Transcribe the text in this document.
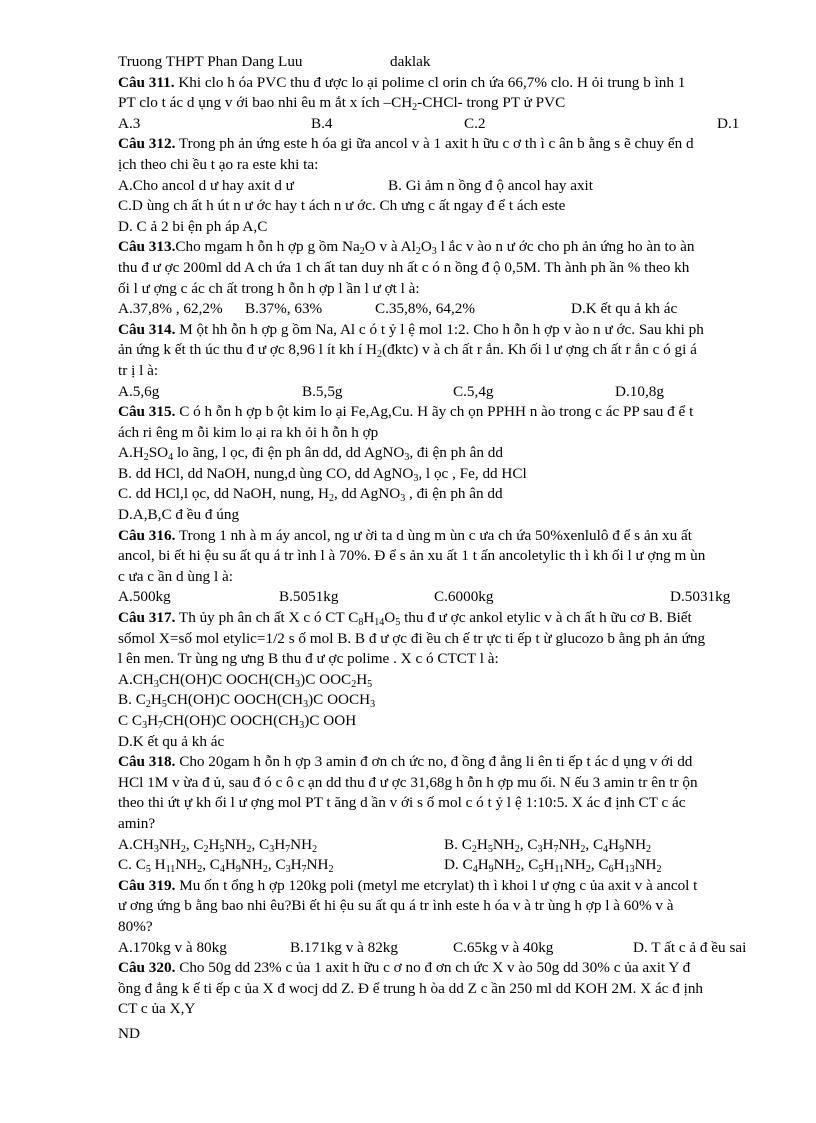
Truong THPT Phan Dang Luu	daklak
Câu 311. Khi clo h óa PVC thu đ ược lo ại polime cl orin ch ứa 66,7% clo. H ỏi trung b ình 1
PT clo t ác d ụng v ới bao nhi êu m ắt x ích $-CH_2-CHCl-$ trong PT ử PVC
A.3	B.4	C.2	D.1
Câu 312. Trong ph ản ứng este h óa gi ữa ancol v à 1 axit h ữu c ơ th ì c ân b ằng s ẽ chuy ển d
ịch theo chi ều t ạo ra este khi ta:
A.Cho ancol d ư hay axit d ư	B. Gi ảm n ồng đ ộ ancol hay axit
C.D ùng ch ất h út n ư ớc hay t ách n ư ớc. Ch ưng c ất ngay đ ể t ách este
D. C ả 2 bi ện ph áp A,C
Câu 313.Cho mgam h ỗn h ợp g ồm $Na_2O$ v à $Al_2O_3$ l ắc v ào n ư ớc cho ph ản ứng ho àn to àn
thu đ ư ợc 200ml dd A ch ứa 1 ch ất tan duy nh ất c ó n ồng đ ộ 0,5M. Th ành ph ần % theo kh
ối l ư ợng c ác ch ất trong h ỗn h ợp l ần l ư ợt l à:
A.37,8% , 62,2%	B.37%, 63%	C.35,8%, 64,2%	D.K ết qu ả kh ác
Câu 314. M ột hh ỗn h ợp g ồm Na, Al c ó t ỷ l ệ mol 1:2. Cho h ỗn h ợp v ào n ư ớc. Sau khi ph
ản ứng k ết th úc thu đ ư ợc 8,96 l ít kh í $H_2(đktc)$ v à ch ất r ắn. Kh ối l ư ợng ch ất r ắn c ó gi á
tr ị l à:
A.5,6g	B.5,5g	C.5,4g	D.10,8g
Câu 315. C ó h ỗn h ợp b ột kim lo ại Fe,Ag,Cu. H ãy ch ọn PPHH n ào trong c ác PP sau đ ể t
ách ri êng m ỗi kim lo ại ra kh ỏi h ỗn h ợp
$A.H_2SO_4$ lo ãng, l ọc, đi ện ph ân dd, dd AgNO$_3$, đi ện ph ân dd
B. dd HCl, dd NaOH, nung,d ùng CO, dd AgNO$_3$, l ọc , Fe, dd HCl
C. dd HCl,l ọc, dd NaOH, nung, $H_2$, dd AgNO$_3$ , đi ện ph ân dd
D.A,B,C đ ều đ úng
Câu 316. Trong 1 nh à m áy ancol, ng ư ời ta d ùng m ùn c ưa ch ứa 50%xenlulô đ ể s ản xu ất
ancol, bi ết hi ệu su ất qu á tr ình l à 70%. Đ ể s ản xu ất 1 t ấn ancoletylic th ì kh ối l ư ợng m ùn
c ưa c ần d ùng l à:
A.500kg	B.5051kg	C.6000kg	D.5031kg
Câu 317. Th ủy ph ân ch ất X c ó CT $C_8H_{14}O_5$ thu đ ư ợc ankol etylic v à ch ất h ữu cơ B. Biết
sốmol X=số mol etylic=1/2 s ố mol B. B đ ư ợc đi ều ch ế tr ực ti ếp t ừ glucozo b ằng ph ản ứng
l ên men. Tr ùng ng ưng B thu đ ư ợc polime . X c ó CTCT l à:
$A.CH_3CH(OH)C$ $OOCH(CH_3)C$ $OOC_2H_5$
B. $C_2H_5CH(OH)C$ $OOCH(CH_3)C$ $OOCH_3$
C $C_3H_7CH(OH)C$ $OOCH(CH_3)C$ OOH
D.K ết qu ả kh ác
Câu 318. Cho 20gam h ỗn h ợp 3 amin đ ơn ch ức no, đ ồng đ ẳng li ên ti ếp t ác d ụng v ới dd
HCl 1M v ừa đ ủ, sau đ ó c ô c ạn dd thu đ ư ợc 31,68g h ỗn h ợp mu ối. N ếu 3 amin tr ên tr ộn
theo thi ứt ự kh ối l ư ợng mol PT t ăng d ần v ới s ố mol c ó t ỷ l ệ 1:10:5. X ác đ ịnh CT c ác
amin?
$A.CH_3NH_2$, $C_2H_5NH_2$, $C_3H_7NH_2$	B. $C_2H_5NH_2$, $C_3H_7NH_2$, $C_4H_9NH_2$
C. $C_5$ $H_{11}NH_2$, $C_4H_9NH_2$, $C_3H_7NH_2$	D. $C_4H_9NH_2$, $C_5H_{11}NH_2$, $C_6H_{13}NH_2$
Câu 319. Mu ốn t ổng h ợp 120kg poli (metyl me etcrylat) th ì khoi l ư ợng c ủa axit v à ancol t
ư ơng ứng b ằng bao nhi êu?Bi ết hi ệu su ất qu á tr ình este h óa v à tr ùng h ợp l à 60% v à
80%?
A.170kg v à 80kg	B.171kg v à 82kg	C.65kg v à 40kg	D. T ất c ả đ ều sai
Câu 320. Cho 50g dd 23% c ủa 1 axit h ữu c ơ no đ ơn ch ức X v ào 50g dd 30% c ủa axit Y đ
ồng đ ẳng k ế ti ếp c ủa X đ wocj dd Z. Đ ể trung h òa dd Z c ần 250 ml dd KOH 2M. X ác đ ịnh
CT c ủa X,Y
ND
